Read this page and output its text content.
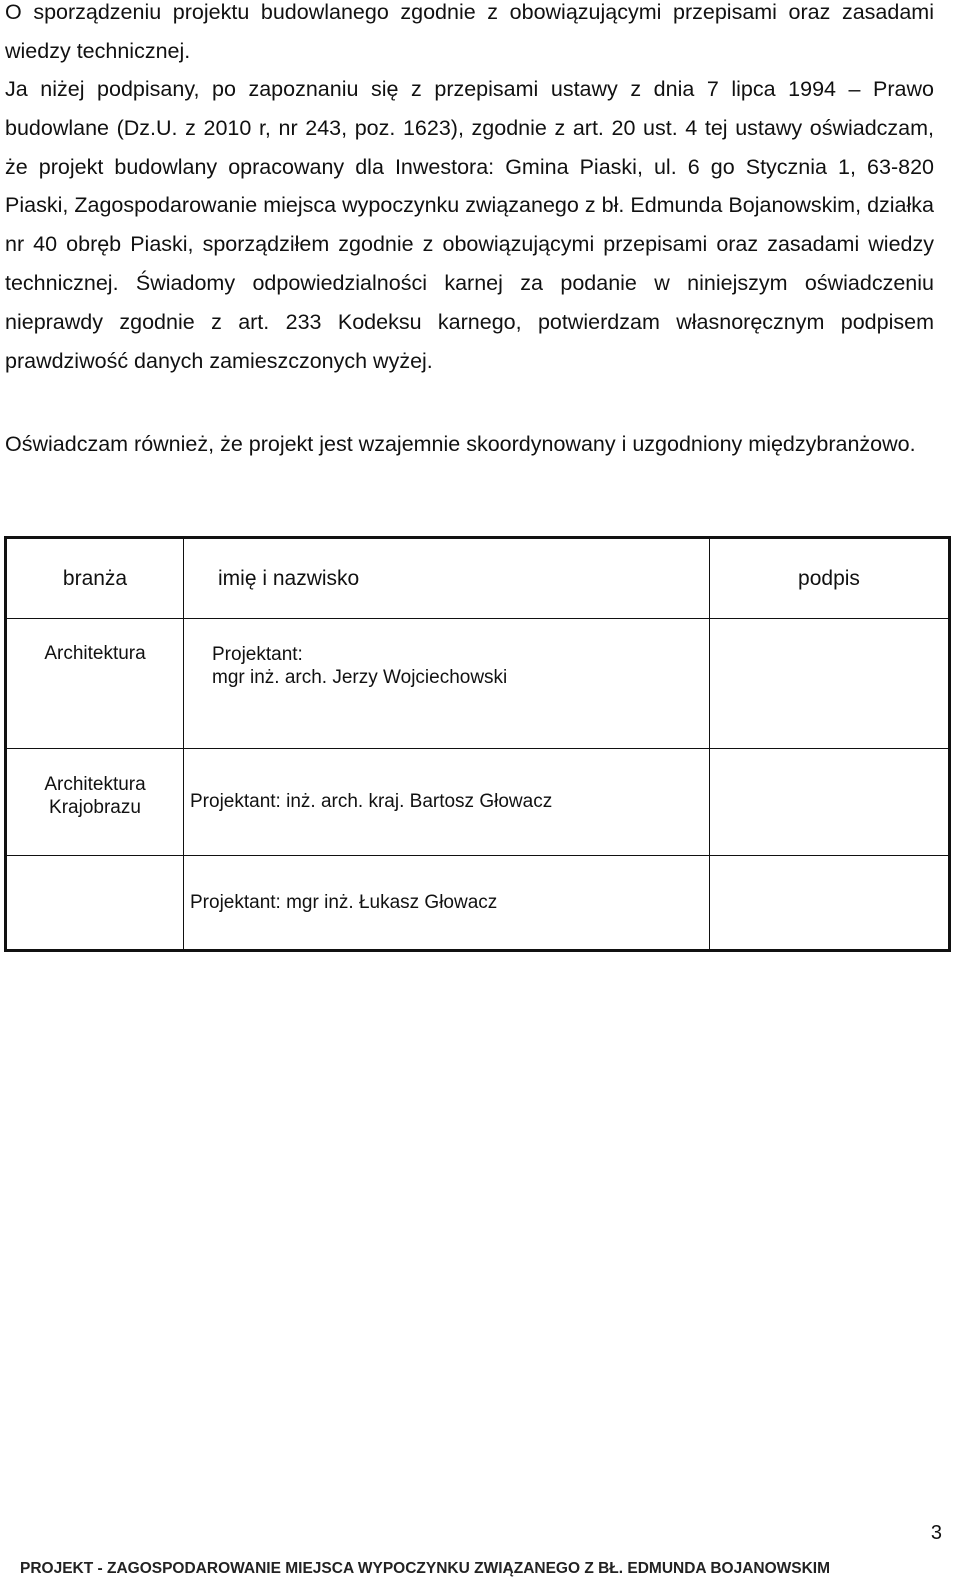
O sporządzeniu projektu budowlanego zgodnie z obowiązującymi przepisami oraz zasadami wiedzy technicznej.

Ja niżej podpisany, po zapoznaniu się z przepisami ustawy z dnia 7 lipca 1994 – Prawo budowlane (Dz.U. z 2010 r, nr 243, poz. 1623), zgodnie z art. 20 ust. 4 tej ustawy oświadczam, że projekt budowlany opracowany dla Inwestora: Gmina Piaski, ul. 6 go Stycznia 1, 63-820 Piaski, Zagospodarowanie miejsca wypoczynku związanego z bł. Edmunda Bojanowskim, działka nr 40 obręb Piaski, sporządziłem zgodnie z obowiązującymi przepisami oraz zasadami wiedzy technicznej. Świadomy odpowiedzialności karnej za podanie w niniejszym oświadczeniu nieprawdy zgodnie z art. 233 Kodeksu karnego, potwierdzam własnoręcznym podpisem prawdziwość danych zamieszczonych wyżej.

Oświadczam również, że projekt jest wzajemnie skoordynowany i uzgodniony międzybranżowo.

branża	imię i nazwisko	podpis
Architektura	Projektant:
mgr inż. arch. Jerzy Wojciechowski	

Architektura
Krajobrazu	Projektant: inż. arch. kraj. Bartosz Głowacz	
	Projektant: mgr inż. Łukasz Głowacz	
3
PROJEKT - ZAGOSPODAROWANIE MIEJSCA WYPOCZYNKU ZWIĄZANEGO Z BŁ. EDMUNDA BOJANOWSKIM
